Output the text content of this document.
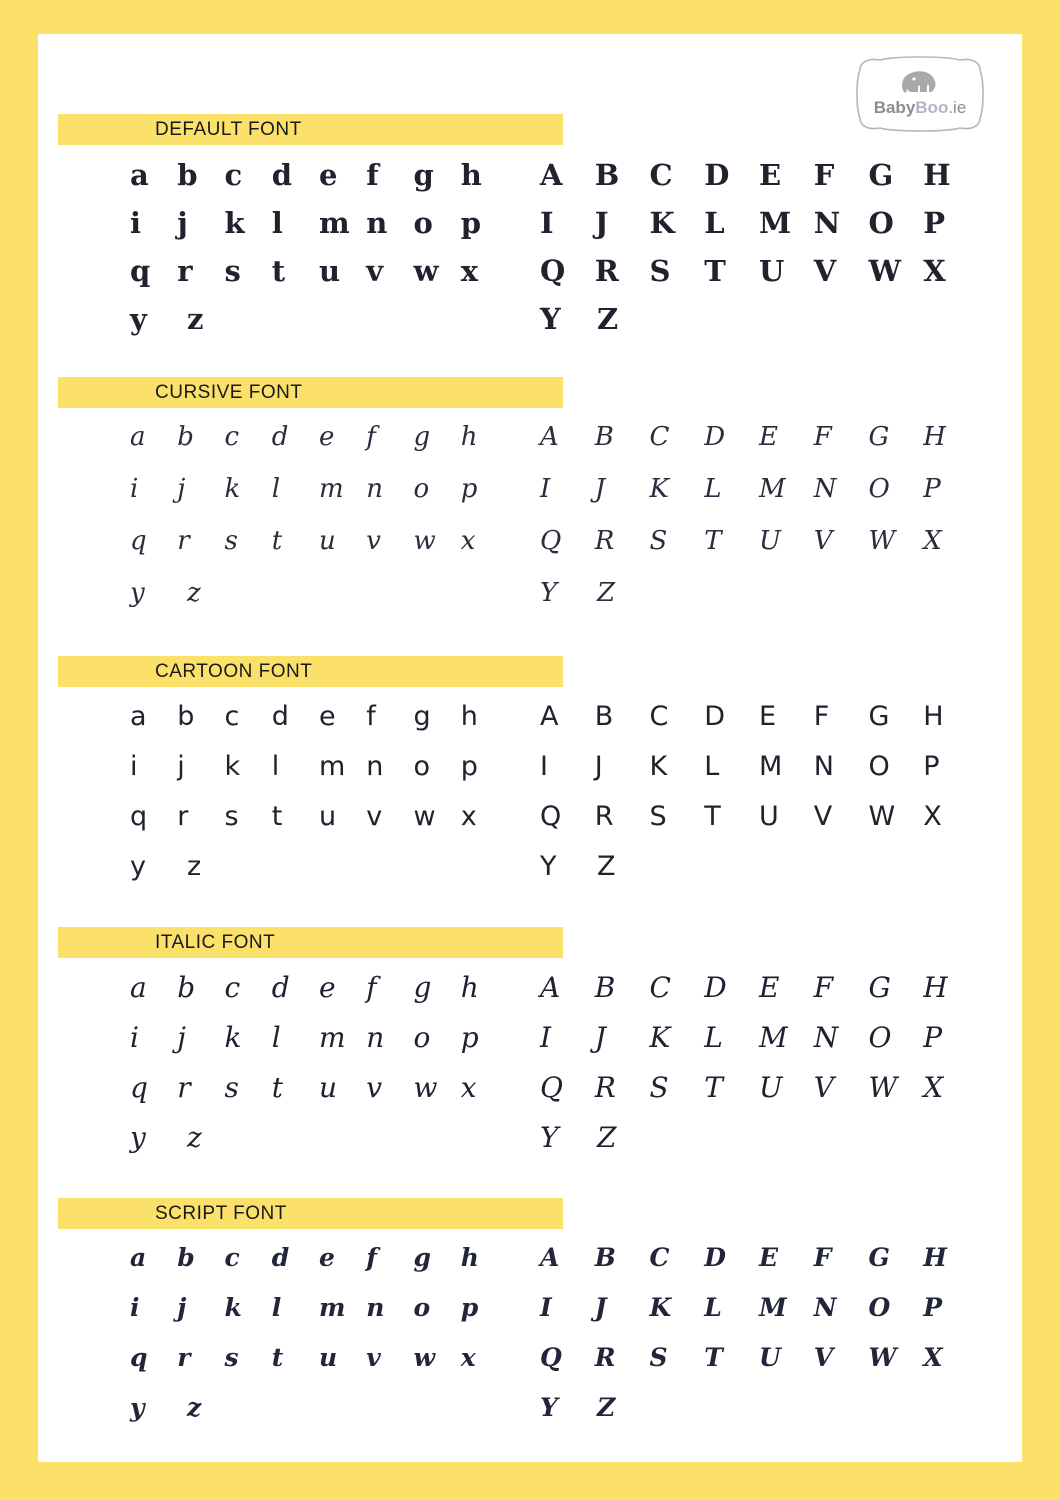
BabyBoo.ie
DEFAULT FONT
a b c	d e f	g h
i	j	k l	m n o p
q r	s	t	u v	w x
y	z
A	B	C	D	E	F	G	H
I	J	K	L	M N O	P
Q	R	S	T	U	V	W X
Y	Z
CURSIVE FONT
a	b	c	d	e	f	g	h
i	j	k	l	m n	o	p
q	r	s	t	u	v	w x
y	z
A	B	C	D	E	F	G	H
I	J	K	L	M	N	O	P
Q	R	S	T	U	V	W	X
Y	Z
CARTOON FONT
a	b	c	d	e	f	g	h
i	j	k	l	m n	o	p
q	r	s	t	u	v	w x
y	z
A	B	C	D	E	F	G	H
I	J	K	L	M	N	O	P
Q	R	S	T	U	V	W	X
Y	Z
ITALIC FONT
a	b	c	d	e	f	g	h
i	j	k	l	m n	o	p
q	r	s	t	u	v	w x
y	z
A	B	C	D	E	F	G	H
I	J	K	L	M N	O	P
Q	R	S	T	U	V	W X
Y	Z
SCRIPT FONT
a	b	c	d	e	f	g	h
i	j	k	l	m n	o	p
q	r	s	t	u	v	w	x
y	z
A	B	C	D	E	F	G	H
I	J	K	L	M	N	O	P
Q	R	S	T	U	V	W	X
Y	Z
